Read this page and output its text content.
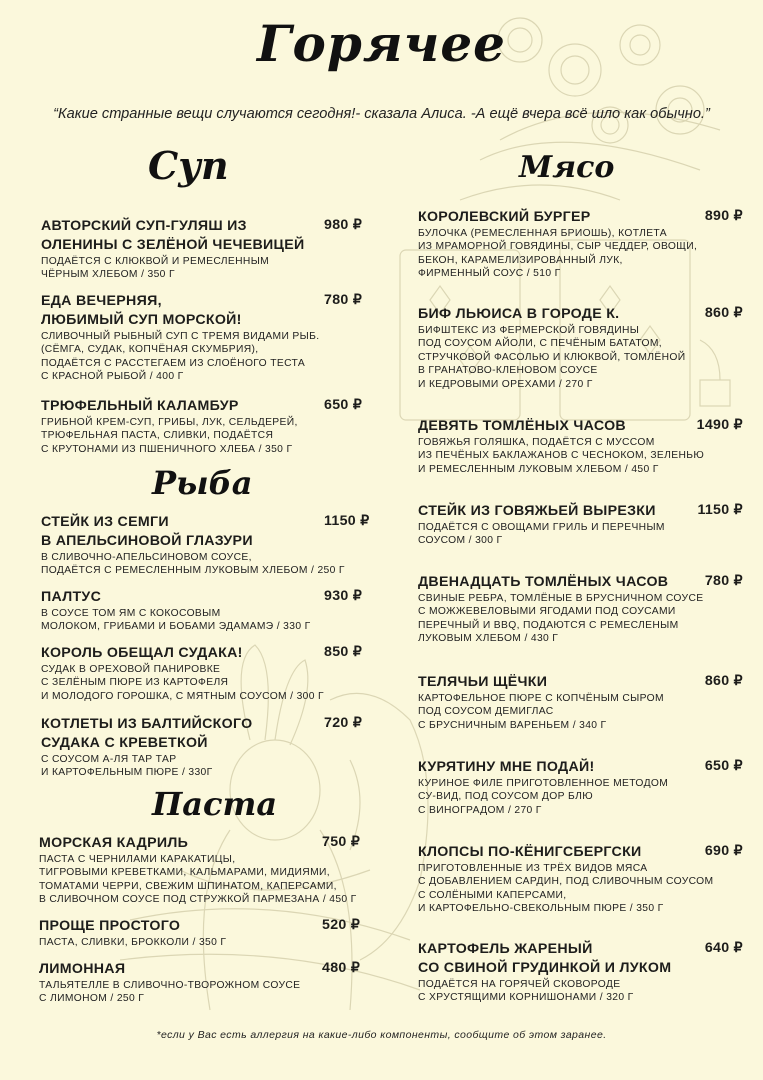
Горячее
“Какие странные вещи случаются сегодня!- сказала Алиса. -А ещё вчера всё шло как обычно.”
Суп
АВТОРСКИЙ СУП-ГУЛЯШ ИЗ
ОЛЕНИНЫ С ЗЕЛЁНОЙ ЧЕЧЕВИЦЕЙ
980 ₽
ПОДАЁТСЯ С КЛЮКВОЙ И РЕМЕСЛЕННЫМ
ЧЁРНЫМ ХЛЕБОМ / 350 Г
ЕДА ВЕЧЕРНЯЯ,
ЛЮБИМЫЙ СУП МОРСКОЙ!
780 ₽
СЛИВОЧНЫЙ РЫБНЫЙ СУП С ТРЕМЯ ВИДАМИ РЫБ.
(СЁМГА, СУДАК, КОПЧЁНАЯ СКУМБРИЯ),
ПОДАЁТСЯ С РАССТЕГАЕМ ИЗ СЛОЁНОГО ТЕСТА
С КРАСНОЙ РЫБОЙ / 400 Г
ТРЮФЕЛЬНЫЙ КАЛАМБУР	650 ₽
ГРИБНОЙ КРЕМ-СУП, ГРИБЫ, ЛУК, СЕЛЬДЕРЕЙ,
ТРЮФЕЛЬНАЯ ПАСТА, СЛИВКИ, ПОДАЁТСЯ
С КРУТОНАМИ ИЗ ПШЕНИЧНОГО ХЛЕБА / 350 Г
Рыба
СТЕЙК ИЗ СЕМГИ
В АПЕЛЬСИНОВОЙ ГЛАЗУРИ
1150 ₽
В СЛИВОЧНО-АПЕЛЬСИНОВОМ СОУСЕ,
ПОДАЁТСЯ С РЕМЕСЛЕННЫМ ЛУКОВЫМ ХЛЕБОМ / 250 Г
ПАЛТУС	930 ₽
В СОУСЕ ТОМ ЯМ С КОКОСОВЫМ
МОЛОКОМ, ГРИБАМИ И БОБАМИ ЭДАМАМЭ / 330 Г
КОРОЛЬ ОБЕЩАЛ СУДАКА!	850 ₽
СУДАК В ОРЕХОВОЙ ПАНИРОВКЕ
С ЗЕЛЁНЫМ ПЮРЕ ИЗ КАРТОФЕЛЯ
И МОЛОДОГО ГОРОШКА, С МЯТНЫМ СОУСОМ / 300 Г
КОТЛЕТЫ ИЗ БАЛТИЙСКОГО
СУДАКА С КРЕВЕТКОЙ
720 ₽
С СОУСОМ А-ЛЯ ТАР ТАР
И КАРТОФЕЛЬНЫМ ПЮРЕ / 330Г
Паста
МОРСКАЯ КАДРИЛЬ	750 ₽
ПАСТА С ЧЕРНИЛАМИ КАРАКАТИЦЫ,
ТИГРОВЫМИ КРЕВЕТКАМИ, КАЛЬМАРАМИ, МИДИЯМИ,
ТОМАТАМИ ЧЕРРИ, СВЕЖИМ ШПИНАТОМ, КАПЕРСАМИ,
В СЛИВОЧНОМ СОУСЕ ПОД СТРУЖКОЙ ПАРМЕЗАНА / 450 Г
ПРОЩЕ ПРОСТОГО	520 ₽
ПАСТА, СЛИВКИ, БРОККОЛИ / 350 Г
ЛИМОННАЯ	480 ₽
ТАЛЬЯТЕЛЛЕ В СЛИВОЧНО-ТВОРОЖНОМ СОУСЕ
С ЛИМОНОМ / 250 Г
Мясо
КОРОЛЕВСКИЙ БУРГЕР	890 ₽
БУЛОЧКА (РЕМЕСЛЕННАЯ БРИОШЬ), КОТЛЕТА
ИЗ МРАМОРНОЙ ГОВЯДИНЫ, СЫР ЧЕДДЕР, ОВОЩИ,
БЕКОН, КАРАМЕЛИЗИРОВАННЫЙ ЛУК,
ФИРМЕННЫЙ СОУС / 510 Г
БИФ ЛЬЮИСА В ГОРОДЕ К.	860 ₽
БИФШТЕКС ИЗ ФЕРМЕРСКОЙ ГОВЯДИНЫ
ПОД СОУСОМ АЙОЛИ, С ПЕЧЁНЫМ БАТАТОМ,
СТРУЧКОВОЙ ФАСОЛЬЮ И КЛЮКВОЙ, ТОМЛЁНОЙ
В ГРАНАТОВО-КЛЕНОВОМ СОУСЕ
И КЕДРОВЫМИ ОРЕХАМИ / 270 Г
ДЕВЯТЬ ТОМЛЁНЫХ ЧАСОВ	1490 ₽
ГОВЯЖЬЯ ГОЛЯШКА, ПОДАЁТСЯ С МУССОМ
ИЗ ПЕЧЁНЫХ БАКЛАЖАНОВ С ЧЕСНОКОМ, ЗЕЛЕНЬЮ
И РЕМЕСЛЕННЫМ ЛУКОВЫМ ХЛЕБОМ / 450 Г
СТЕЙК ИЗ ГОВЯЖЬЕЙ ВЫРЕЗКИ	1150 ₽
ПОДАЁТСЯ С ОВОЩАМИ ГРИЛЬ И ПЕРЕЧНЫМ
СОУСОМ / 300 Г
ДВЕНАДЦАТЬ ТОМЛЁНЫХ ЧАСОВ	780 ₽
СВИНЫЕ РЕБРА, ТОМЛЁНЫЕ В БРУСНИЧНОМ СОУСЕ
С МОЖЖЕВЕЛОВЫМИ ЯГОДАМИ ПОД СОУСАМИ
ПЕРЕЧНЫЙ И BBQ, ПОДАЮТСЯ С РЕМЕСЛЕНЫМ
ЛУКОВЫМ ХЛЕБОМ / 430 Г
ТЕЛЯЧЬИ ЩЁЧКИ	860 ₽
КАРТОФЕЛЬНОЕ ПЮРЕ С КОПЧЁНЫМ СЫРОМ
ПОД СОУСОМ ДЕМИГЛАС
С БРУСНИЧНЫМ ВАРЕНЬЕМ / 340 Г
КУРЯТИНУ МНЕ ПОДАЙ!	650 ₽
КУРИНОЕ ФИЛЕ ПРИГОТОВЛЕННОЕ МЕТОДОМ
СУ-ВИД, ПОД СОУСОМ ДОР БЛЮ
С ВИНОГРАДОМ / 270 Г
КЛОПСЫ ПО-КЁНИГСБЕРГСКИ	690 ₽
ПРИГОТОВЛЕННЫЕ ИЗ ТРЁХ ВИДОВ МЯСА
С ДОБАВЛЕНИЕМ САРДИН, ПОД СЛИВОЧНЫМ СОУСОМ
С СОЛЁНЫМИ КАПЕРСАМИ,
И КАРТОФЕЛЬНО-СВЕКОЛЬНЫМ ПЮРЕ / 350 Г
КАРТОФЕЛЬ ЖАРЕНЫЙ
СО СВИНОЙ ГРУДИНКОЙ И ЛУКОМ
640 ₽
ПОДАЁТСЯ НА ГОРЯЧЕЙ СКОВОРОДЕ
С ХРУСТЯЩИМИ КОРНИШОНАМИ / 320 Г
*если у Вас есть аллергия на какие-либо компоненты, сообщите об этом заранее.
